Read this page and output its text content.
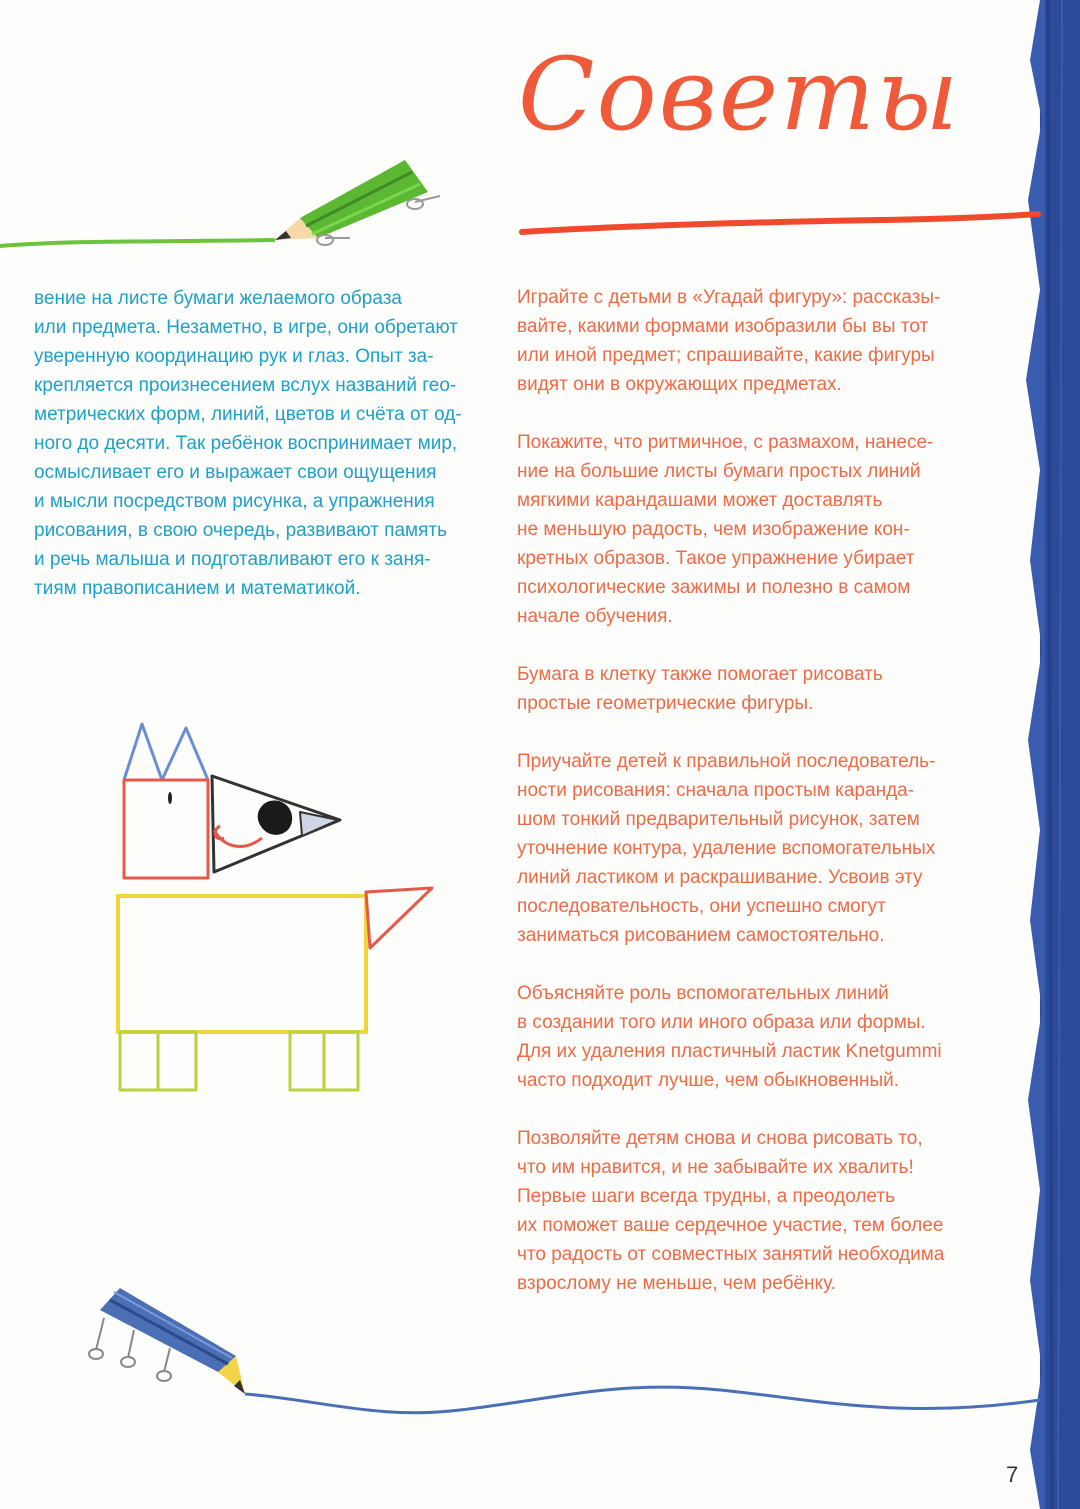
Советы
вение на листе бумаги желаемого образа
или предмета. Незаметно, в игре, они обретают
уверенную координацию рук и глаз. Опыт за-
крепляется произнесением вслух названий гео-
метрических форм, линий, цветов и счёта от од-
ного до десяти. Так ребёнок воспринимает мир,
осмысливает его и выражает свои ощущения
и мысли посредством рисунка, а упражнения
рисования, в свою очередь, развивают память
и речь малыша и подготавливают его к заня-
тиям правописанием и математикой.

Играйте с детьми в «Угадай фигуру»: рассказы-
вайте, какими формами изобразили бы вы тот
или иной предмет; спрашивайте, какие фигуры
видят они в окружающих предметах.

Покажите, что ритмичное, с размахом, нанесе-
ние на большие листы бумаги простых линий
мягкими карандашами может доставлять
не меньшую радость, чем изображение кон-
кретных образов. Такое упражнение убирает
психологические зажимы и полезно в самом
начале обучения.

Бумага в клетку также помогает рисовать
простые геометрические фигуры.

Приучайте детей к правильной последователь-
ности рисования: сначала простым каранда-
шом тонкий предварительный рисунок, затем
уточнение контура, удаление вспомогательных
линий ластиком и раскрашивание. Усвоив эту
последовательность, они успешно смогут
заниматься рисованием самостоятельно.

Объясняйте роль вспомогательных линий
в создании того или иного образа или формы.
Для их удаления пластичный ластик Knetgummi
часто подходит лучше, чем обыкновенный.

Позволяйте детям снова и снова рисовать то,
что им нравится, и не забывайте их хвалить!
Первые шаги всегда трудны, а преодолеть
их поможет ваше сердечное участие, тем более
что радость от совместных занятий необходима
взрослому не меньше, чем ребёнку.

7
